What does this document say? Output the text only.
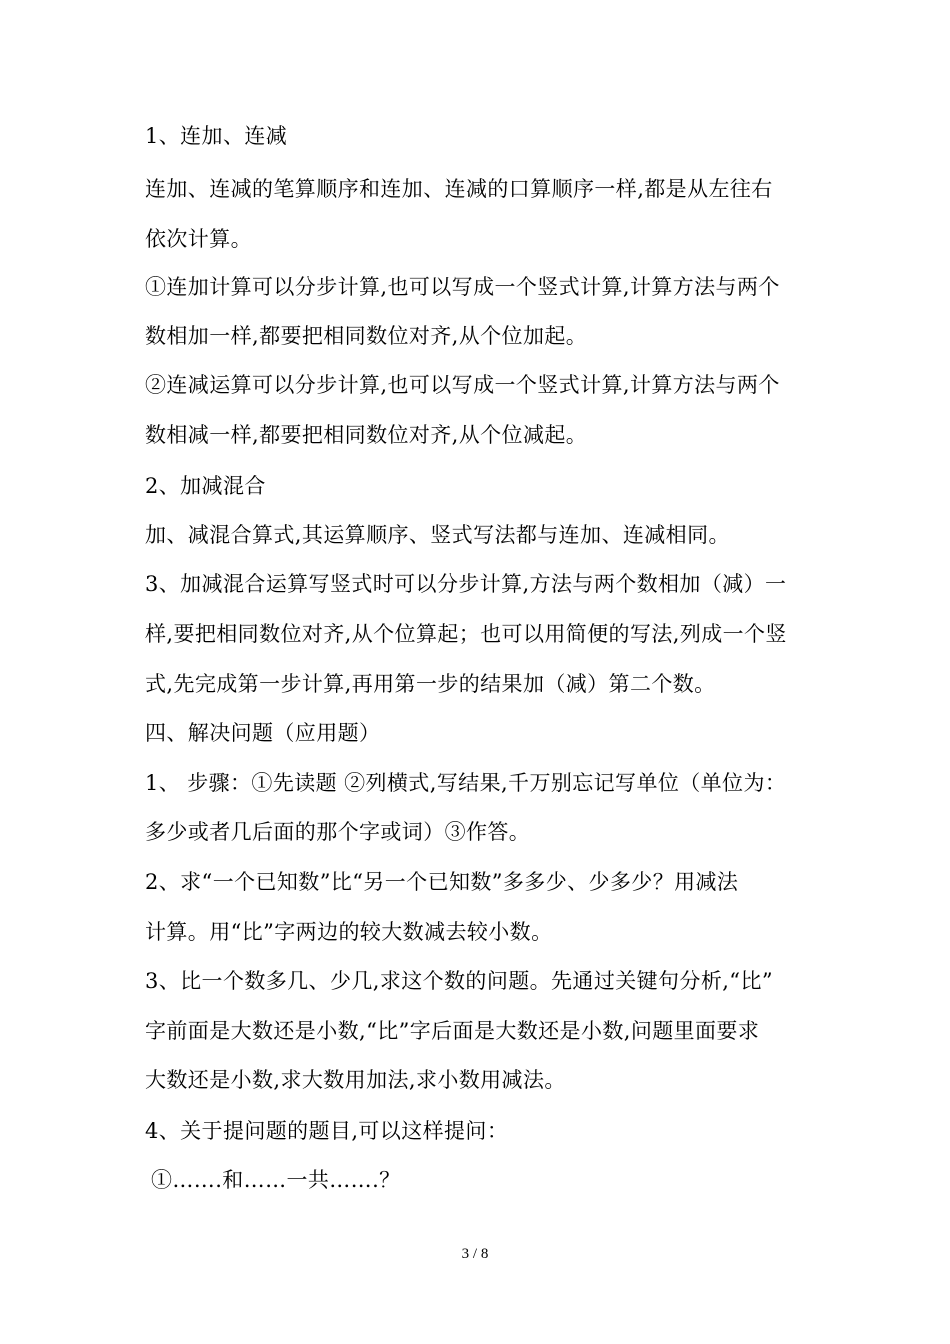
1、连加、连减
连加、连减的笔算顺序和连加、连减的口算顺序一样,都是从左往右
依次计算。
①连加计算可以分步计算,也可以写成一个竖式计算,计算方法与两个
数相加一样,都要把相同数位对齐,从个位加起。
②连减运算可以分步计算,也可以写成一个竖式计算,计算方法与两个
数相减一样,都要把相同数位对齐,从个位减起。
2、加减混合
加、减混合算式,其运算顺序、竖式写法都与连加、连减相同。
3、加减混合运算写竖式时可以分步计算,方法与两个数相加（减）一
样,要把相同数位对齐,从个位算起；也可以用简便的写法,列成一个竖
式,先完成第一步计算,再用第一步的结果加（减）第二个数。
四、解决问题（应用题）
1、 步骤：①先读题 ②列横式,写结果,千万别忘记写单位（单位为：
多少或者几后面的那个字或词）③作答。
2、求“一个已知数”比“另一个已知数”多多少、少多少？用减法
计算。用“比”字两边的较大数减去较小数。
3、比一个数多几、少几,求这个数的问题。先通过关键句分析,“比”
字前面是大数还是小数,“比”字后面是大数还是小数,问题里面要求
大数还是小数,求大数用加法,求小数用减法。
4、关于提问题的题目,可以这样提问：
①…….和……一共…….？
3 / 8
